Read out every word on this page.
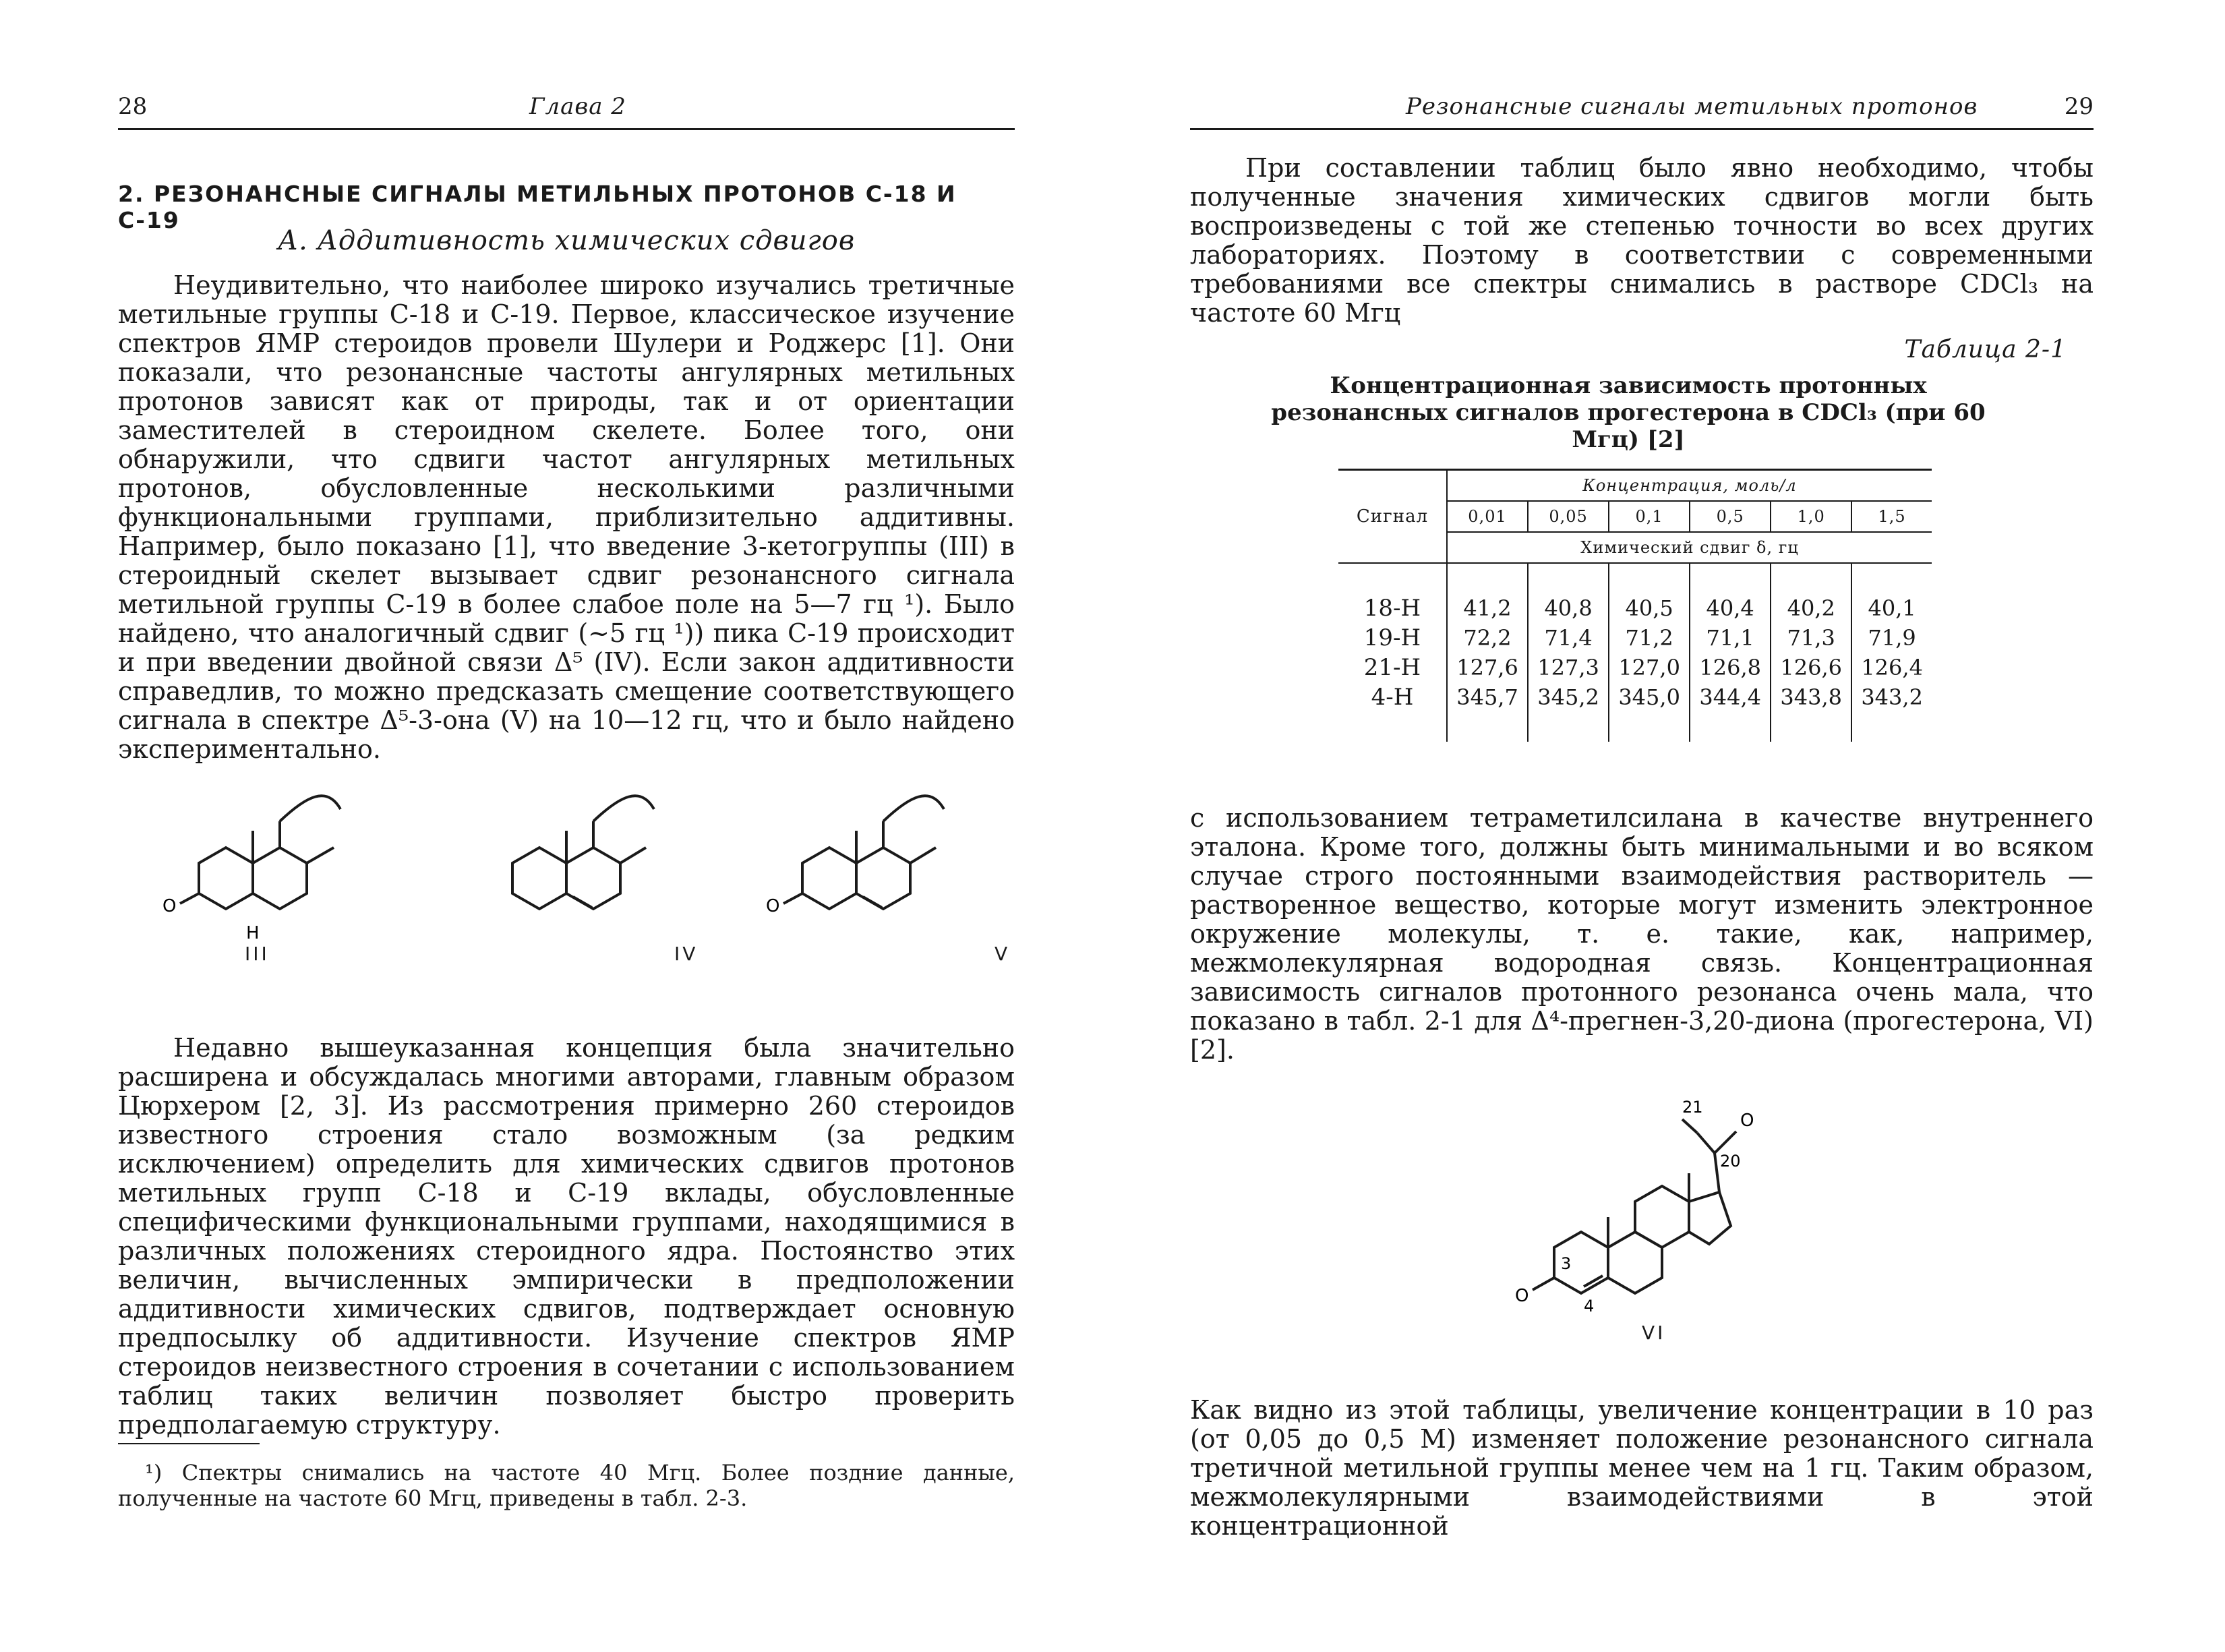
28	Глава 2

2. РЕЗОНАНСНЫЕ СИГНАЛЫ МЕТИЛЬНЫХ ПРОТОНОВ С-18 И С-19

А. Аддитивность химических сдвигов

Неудивительно, что наиболее широко изучались третичные метильные группы С-18 и С-19. Первое, классическое изучение спектров ЯМР стероидов провели Шулери и Роджерс [1]. Они показали, что резонансные частоты ангулярных метильных протонов зависят как от природы, так и от ориентации заместителей в стероидном скелете. Более того, они обнаружили, что сдвиги частот ангулярных метильных протонов, обусловленные несколькими различными функциональными группами, приблизительно аддитивны. Например, было показано [1], что введение 3-кетогруппы (III) в стероидный скелет вызывает сдвиг резонансного сигнала метильной группы С-19 в более слабое поле на 5—7 гц ¹). Было найдено, что аналогичный сдвиг (~5 гц ¹)) пика С-19 происходит и при введении двойной связи Δ⁵ (IV). Если закон аддитивности справедлив, то можно предсказать смещение соответствующего сигнала в спектре Δ⁵-3-она (V) на 10—12 гц, что и было найдено экспериментально.

O
H
III	IV
O
V

Недавно вышеуказанная концепция была значительно расширена и обсуждалась многими авторами, главным образом Цюрхером [2, 3]. Из рассмотрения примерно 260 стероидов известного строения стало возможным (за редким исключением) определить для химических сдвигов протонов метильных групп С-18 и С-19 вклады, обусловленные специфическими функциональными группами, находящимися в различных положениях стероидного ядра. Постоянство этих величин, вычисленных эмпирически в предположении аддитивности химических сдвигов, подтверждает основную предпосылку об аддитивности. Изучение спектров ЯМР стероидов неизвестного строения в сочетании с использованием таблиц таких величин позволяет быстро проверить предполагаемую структуру.

¹) Спектры снимались на частоте 40 Мгц. Более поздние данные, полученные на частоте 60 Мгц, приведены в табл. 2-3.

Резонансные сигналы метильных протонов	29

При составлении таблиц было явно необходимо, чтобы полученные значения химических сдвигов могли быть воспроизведены с той же степенью точности во всех других лабораториях. Поэтому в соответствии с современными требованиями все спектры снимались в растворе CDCl₃ на частоте 60 Мгц

Таблица 2-1

Концентрационная зависимость протонных резонансных сигналов прогестерона в CDCl₃ (при 60 Мгц) [2]

Сигнал	Концентрация, моль/л					
	0,01	0,05	0,1	0,5	1,0	1,5
	Химический сдвиг δ, гц					

18-H	41,2	40,8	40,5	40,4	40,2	40,1
19-H	72,2	71,4	71,2	71,1	71,3	71,9
21-H	127,6	127,3	127,0	126,8	126,6	126,4
4-H	345,7	345,2	345,0	344,4	343,8	343,2

с использованием тетраметилсилана в качестве внутреннего эталона. Кроме того, должны быть минимальными и во всяком случае строго постоянными взаимодействия растворитель — растворенное вещество, которые могут изменить электронное окружение молекулы, т. е. такие, как, например, межмолекулярная водородная связь. Концентрационная зависимость сигналов протонного резонанса очень мала, что показано в табл. 2-1 для Δ⁴-прегнен-3,20-диона (прогестерона, VI) [2].

O
21
20
3
4
O
VI

Как видно из этой таблицы, увеличение концентрации в 10 раз (от 0,05 до 0,5 М) изменяет положение резонансного сигнала третичной метильной группы менее чем на 1 гц. Таким образом, межмолекулярными взаимодействиями в этой концентрационной
